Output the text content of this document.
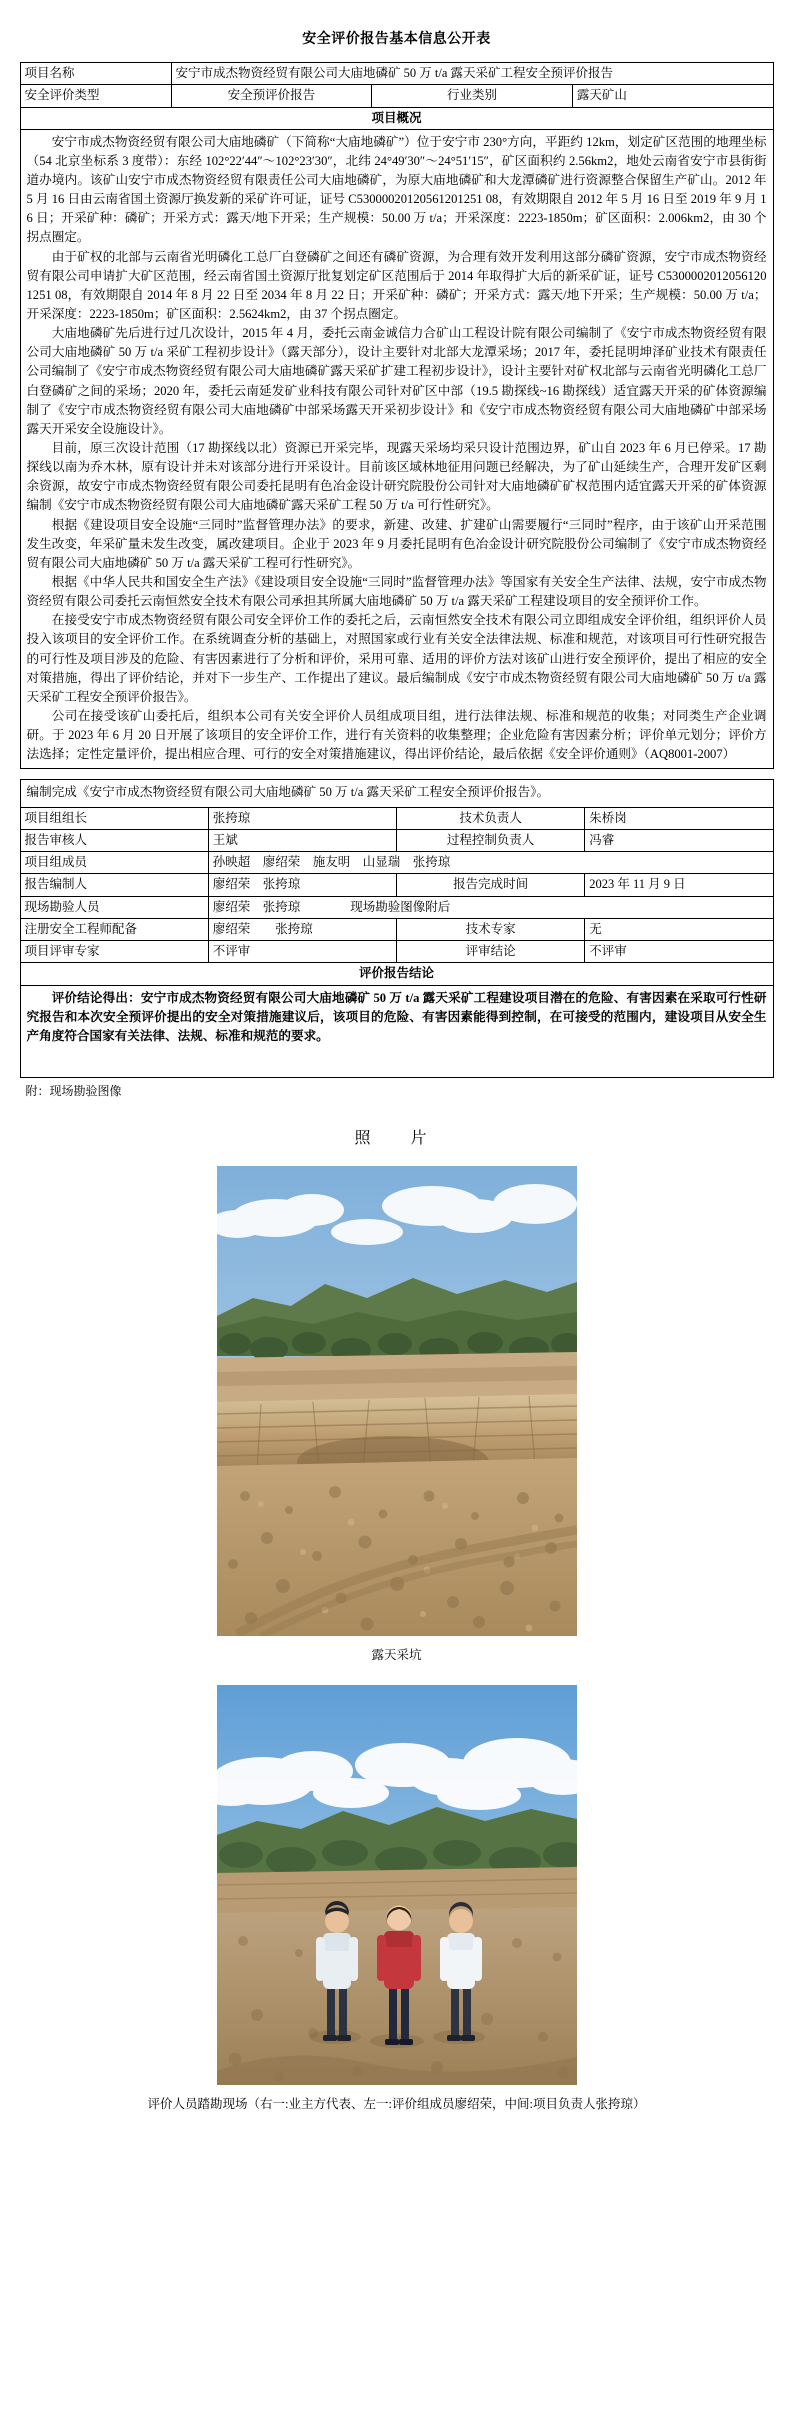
安全评价报告基本信息公开表
项目名称	安宁市成杰物资经贸有限公司大庙地磷矿 50 万 t/a 露天采矿工程安全预评价报告		
安全评价类型	安全预评价报告	行业类别	露天矿山
项目概况			

安宁市成杰物资经贸有限公司大庙地磷矿（下简称“大庙地磷矿”）位于安宁市 230°方向，平距约 12km，划定矿区范围的地理坐标（54 北京坐标系 3 度带）：东经 102°22′44″～102°23′30″，北纬 24°49′30″～24°51′15″，矿区面积约 2.56km2，地处云南省安宁市县街街道办境内。该矿山安宁市成杰物资经贸有限责任公司大庙地磷矿，为原大庙地磷矿和大龙潭磷矿进行资源整合保留生产矿山。2012 年 5 月 16 日由云南省国土资源厅换发新的采矿许可证，证号 C53000020120561201251 08，有效期限自 2012 年 5 月 16 日至 2019 年 9 月 16 日；开采矿种：磷矿；开采方式：露天/地下开采；生产规模：50.00 万 t/a；开采深度：2223-1850m；矿区面积：2.006km2，由 30 个拐点圈定。

由于矿权的北部与云南省光明磷化工总厂白登磷矿之间还有磷矿资源，为合理有效开发利用这部分磷矿资源，安宁市成杰物资经贸有限公司申请扩大矿区范围，经云南省国土资源厅批复划定矿区范围后于 2014 年取得扩大后的新采矿证，证号 C53000020120561201251 08，有效期限自 2014 年 8 月 22 日至 2034 年 8 月 22 日；开采矿种：磷矿；开采方式：露天/地下开采；生产规模：50.00 万 t/a；开采深度：2223-1850m；矿区面积：2.5624km2，由 37 个拐点圈定。

大庙地磷矿先后进行过几次设计，2015 年 4 月，委托云南金诚信力合矿山工程设计院有限公司编制了《安宁市成杰物资经贸有限公司大庙地磷矿 50 万 t/a 采矿工程初步设计》（露天部分），设计主要针对北部大龙潭采场；2017 年，委托昆明坤泽矿业技术有限责任公司编制了《安宁市成杰物资经贸有限公司大庙地磷矿露天采矿扩建工程初步设计》，设计主要针对矿权北部与云南省光明磷化工总厂白登磷矿之间的采场；2020 年，委托云南延发矿业科技有限公司针对矿区中部（19.5 勘探线~16 勘探线）适宜露天开采的矿体资源编制了《安宁市成杰物资经贸有限公司大庙地磷矿中部采场露天开采初步设计》和《安宁市成杰物资经贸有限公司大庙地磷矿中部采场露天开采安全设施设计》。

目前，原三次设计范围（17 勘探线以北）资源已开采完毕，现露天采场均采只设计范围边界，矿山自 2023 年 6 月已停采。17 勘探线以南为乔木林，原有设计并未对该部分进行开采设计。目前该区域林地征用问题已经解决，为了矿山延续生产，合理开发矿区剩余资源，故安宁市成杰物资经贸有限公司委托昆明有色冶金设计研究院股份公司针对大庙地磷矿矿权范围内适宜露天开采的矿体资源编制《安宁市成杰物资经贸有限公司大庙地磷矿露天采矿工程 50 万 t/a 可行性研究》。

根据《建设项目安全设施“三同时”监督管理办法》的要求，新建、改建、扩建矿山需要履行“三同时”程序，由于该矿山开采范围发生改变，年采矿量未发生改变，属改建项目。企业于 2023 年 9 月委托昆明有色冶金设计研究院股份公司编制了《安宁市成杰物资经贸有限公司大庙地磷矿 50 万 t/a 露天采矿工程可行性研究》。

根据《中华人民共和国安全生产法》《建设项目安全设施“三同时”监督管理办法》等国家有关安全生产法律、法规，安宁市成杰物资经贸有限公司委托云南恒然安全技术有限公司承担其所属大庙地磷矿 50 万 t/a 露天采矿工程建设项目的安全预评价工作。

在接受安宁市成杰物资经贸有限公司安全评价工作的委托之后，云南恒然安全技术有限公司立即组成安全评价组，组织评价人员投入该项目的安全评价工作。在系统调查分析的基础上，对照国家或行业有关安全法律法规、标准和规范，对该项目可行性研究报告的可行性及项目涉及的危险、有害因素进行了分析和评价，采用可靠、适用的评价方法对该矿山进行安全预评价，提出了相应的安全对策措施，得出了评价结论，并对下一步生产、工作提出了建议。最后编制成《安宁市成杰物资经贸有限公司大庙地磷矿 50 万 t/a 露天采矿工程安全预评价报告》。

公司在接受该矿山委托后，组织本公司有关安全评价人员组成项目组，进行法律法规、标准和规范的收集；对同类生产企业调研。于 2023 年 6 月 20 日开展了该项目的安全评价工作，进行有关资料的收集整理；企业危险有害因素分析；评价单元划分；评价方法选择；定性定量评价，提出相应合理、可行的安全对策措施建议，得出评价结论，最后依据《安全评价通则》（AQ8001-2007）

编制完成《安宁市成杰物资经贸有限公司大庙地磷矿 50 万 t/a 露天采矿工程安全预评价报告》。			

项目组组长	张挎琼	技术负责人	朱桥岗
报告审核人	王斌	过程控制负责人	冯睿
项目组成员	孙映超　廖绍荣　施友明　山显瑞　张挎琼		
报告编制人	廖绍荣　张挎琼	报告完成时间	2023 年 11 月 9 日
现场勘验人员	廖绍荣　张挎琼　　　　现场勘验图像附后		
注册安全工程师配备	廖绍荣　　张挎琼	技术专家	无
项目评审专家	不评审	评审结论	不评审
评价报告结论			

评价结论得出：安宁市成杰物资经贸有限公司大庙地磷矿 50 万 t/a 露天采矿工程建设项目潜在的危险、有害因素在采取可行性研究报告和本次安全预评价提出的安全对策措施建议后，该项目的危险、有害因素能得到控制，在可接受的范围内，建设项目从安全生产角度符合国家有关法律、法规、标准和规范的要求。			

附：现场勘验图像
照　片
露天采坑
评价人员踏勘现场（右一:业主方代表、左一:评价组成员廖绍荣，中间:项目负责人张挎琼）
